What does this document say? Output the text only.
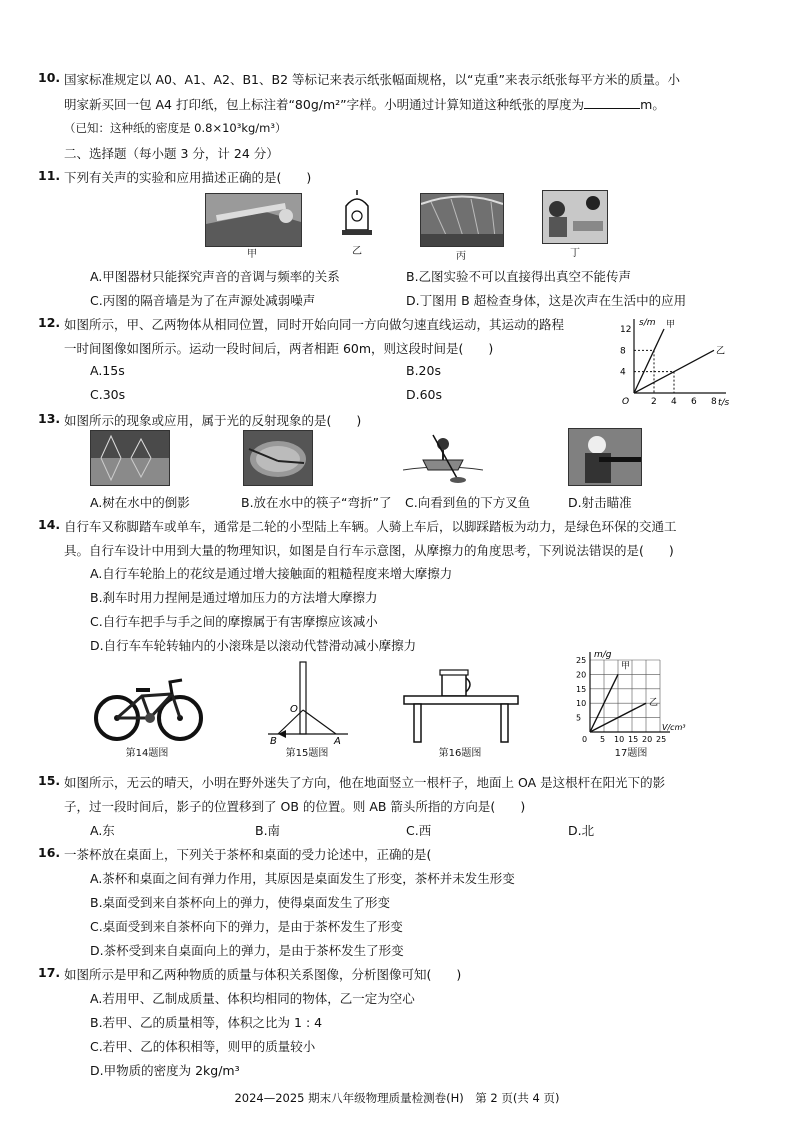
10. 国家标准规定以 A0、A1、A2、B1、B2 等标记来表示纸张幅面规格，以“克重”来表示纸张每平方米的质量。小
明家新买回一包 A4 打印纸，包上标注着“80g/m²”字样。小明通过计算知道这种纸张的厚度为	m。
（已知：这种纸的密度是 0.8×10³kg/m³）
二、选择题（每小题 3 分，计 24 分）
11. 下列有关声的实验和应用描述正确的是(　　)
甲	乙	丙	丁
A.甲图器材只能探究声音的音调与频率的关系	B.乙图实验不可以直接得出真空不能传声
C.丙图的隔音墙是为了在声源处减弱噪声	D.丁图用 B 超检查身体，这是次声在生活中的应用
12. 如图所示，甲、乙两物体从相同位置，同时开始向同一方向做匀速直线运动，其运动的路程
一时间图像如图所示。运动一段时间后，两者相距 60m，则这段时间是(　　)
A.15s	B.20s
C.30s	D.60s
s/m
t/s
O
4
8
12
2 4 6 8
甲
乙
13. 如图所示的现象或应用，属于光的反射现象的是(　　)
A.树在水中的倒影	B.放在水中的筷子“弯折”了 C.向看到鱼的下方叉鱼	D.射击瞄准
14. 自行车又称脚踏车或单车，通常是二轮的小型陆上车辆。人骑上车后，以脚踩踏板为动力，是绿色环保的交通工
具。自行车设计中用到大量的物理知识，如图是自行车示意图，从摩擦力的角度思考，下列说法错误的是(　　)
A.自行车轮胎上的花纹是通过增大接触面的粗糙程度来增大摩擦力
B.刹车时用力捏闸是通过增加压力的方法增大摩擦力
C.自行车把手与手之间的摩擦属于有害摩擦应该减小
D.自行车车轮转轴内的小滚珠是以滚动代替滑动减小摩擦力
第14题图
O
B	A
第15题图	第16题图
m/g
V/cm³
0
5
10
15
20
25
5 10 15 20 25
甲
乙
17题图
15. 如图所示，无云的晴天，小明在野外迷失了方向，他在地面竖立一根杆子，地面上 OA 是这根杆在阳光下的影
子，过一段时间后，影子的位置移到了 OB 的位置。则 AB 箭头所指的方向是(　　)
A.东	B.南	C.西	D.北
16. 一茶杯放在桌面上，下列关于茶杯和桌面的受力论述中，正确的是(
A.茶杯和桌面之间有弹力作用，其原因是桌面发生了形变，茶杯并未发生形变
B.桌面受到来自茶杯向上的弹力，使得桌面发生了形变
C.桌面受到来自茶杯向下的弹力，是由于茶杯发生了形变
D.茶杯受到来自桌面向上的弹力，是由于茶杯发生了形变
17. 如图所示是甲和乙两种物质的质量与体积关系图像，分析图像可知(　　)
A.若用甲、乙制成质量、体积均相同的物体，乙一定为空心
B.若甲、乙的质量相等，体积之比为 1 : 4
C.若甲、乙的体积相等，则甲的质量较小
D.甲物质的密度为 2kg/m³
2024—2025 期末八年级物理质量检测卷(H)　第 2 页(共 4 页)
